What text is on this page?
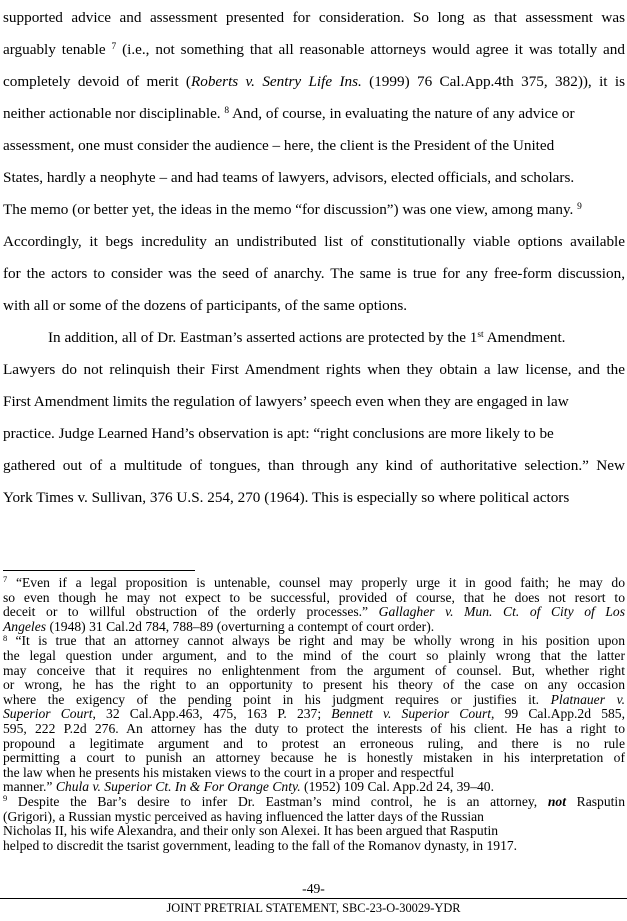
supported advice and assessment presented for consideration. So long as that assessment was
arguably tenable $^7$ (i.e., not something that all reasonable attorneys would agree it was totally and
completely devoid of merit (Roberts v. Sentry Life Ins. (1999) 76 Cal.App.4th 375, 382)), it is
neither actionable nor disciplinable. $^8$ And, of course, in evaluating the nature of any advice or
assessment, one must consider the audience – here, the client is the President of the United
States, hardly a neophyte – and had teams of lawyers, advisors, elected officials, and scholars.
The memo (or better yet, the ideas in the memo “for discussion”) was one view, among many. $^9$
Accordingly, it begs incredulity an undistributed list of constitutionally viable options available
for the actors to consider was the seed of anarchy. The same is true for any free-form discussion,
with all or some of the dozens of participants, of the same options.
In addition, all of Dr. Eastman’s asserted actions are protected by the 1st Amendment.
Lawyers do not relinquish their First Amendment rights when they obtain a law license, and the
First Amendment limits the regulation of lawyers’ speech even when they are engaged in law
practice. Judge Learned Hand’s observation is apt: “right conclusions are more likely to be
gathered out of a multitude of tongues, than through any kind of authoritative selection.” New
York Times v. Sullivan, 376 U.S. 254, 270 (1964). This is especially so where political actors
$^7$ “Even if a legal proposition is untenable, counsel may properly urge it in good faith; he may do
so even though he may not expect to be successful, provided of course, that he does not resort to
deceit or to willful obstruction of the orderly processes.” Gallagher v. Mun. Ct. of City of Los
Angeles (1948) 31 Cal.2d 784, 788–89 (overturning a contempt of court order).
$^8$ “It is true that an attorney cannot always be right and may be wholly wrong in his position upon
the legal question under argument, and to the mind of the court so plainly wrong that the latter
may conceive that it requires no enlightenment from the argument of counsel. But, whether right
or wrong, he has the right to an opportunity to present his theory of the case on any occasion
where the exigency of the pending point in his judgment requires or justifies it. Platnauer v.
Superior Court, 32 Cal.App.463, 475, 163 P. 237; Bennett v. Superior Court, 99 Cal.App.2d 585,
595, 222 P.2d 276. An attorney has the duty to protect the interests of his client. He has a right to
propound a legitimate argument and to protest an erroneous ruling, and there is no rule
permitting a court to punish an attorney because he is honestly mistaken in his interpretation of
the law when he presents his mistaken views to the court in a proper and respectful
manner.” Chula v. Superior Ct. In & For Orange Cnty. (1952) 109 Cal. App.2d 24, 39–40.
$^9$ Despite the Bar’s desire to infer Dr. Eastman’s mind control, he is an attorney, not Rasputin
(Grigori), a Russian mystic perceived as having influenced the latter days of the Russian
Nicholas II, his wife Alexandra, and their only son Alexei. It has been argued that Rasputin
helped to discredit the tsarist government, leading to the fall of the Romanov dynasty, in 1917.
-49-
JOINT PRETRIAL STATEMENT, SBC-23-O-30029-YDR
